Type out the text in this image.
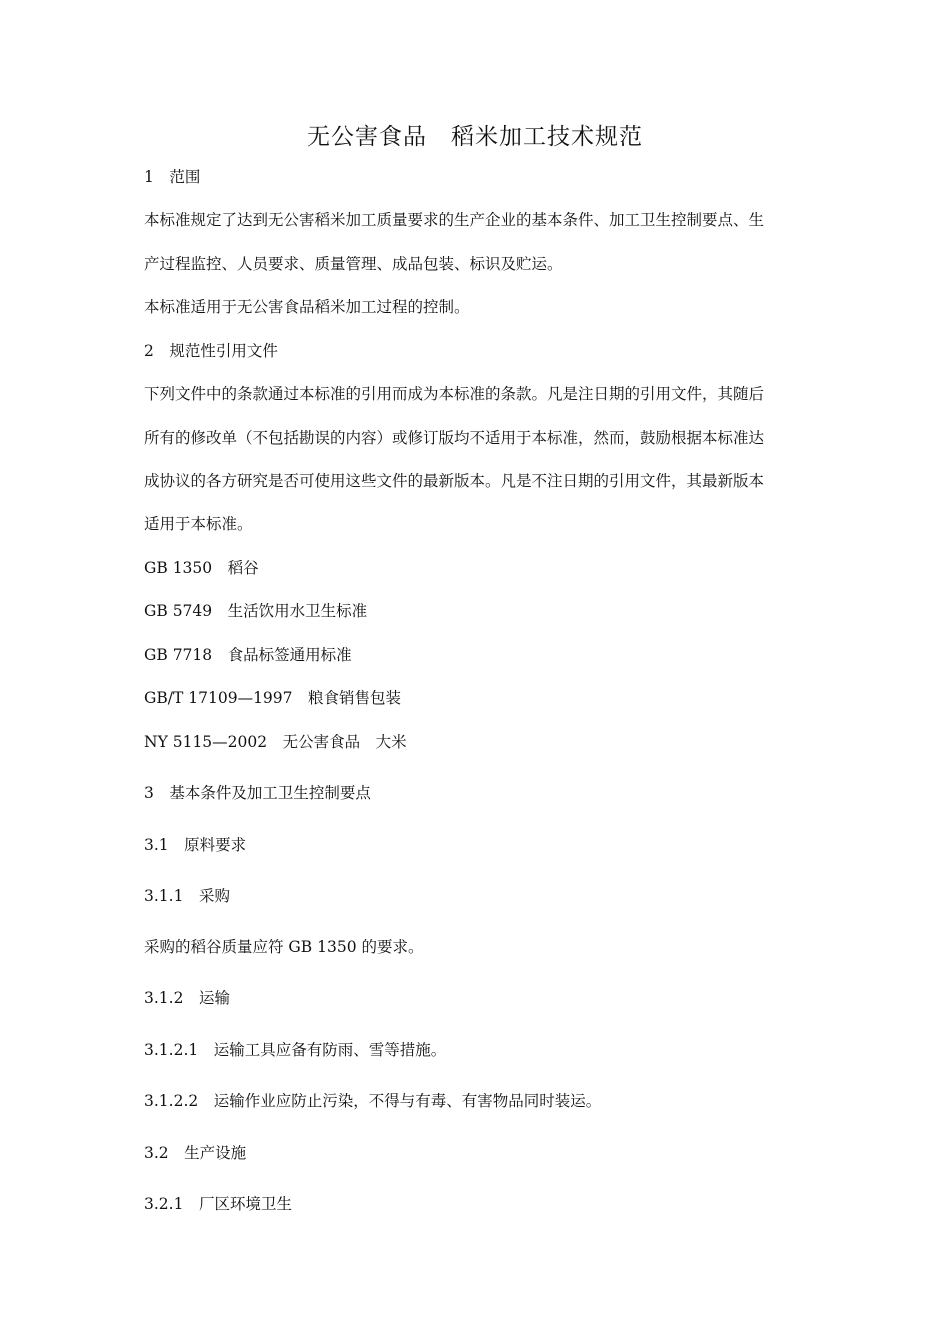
无公害食品　稻米加工技术规范
1　范围
本标准规定了达到无公害稻米加工质量要求的生产企业的基本条件、加工卫生控制要点、生
产过程监控、人员要求、质量管理、成品包装、标识及贮运。
本标准适用于无公害食品稻米加工过程的控制。
2　规范性引用文件
下列文件中的条款通过本标准的引用而成为本标准的条款。凡是注日期的引用文件，其随后
所有的修改单（不包括勘误的内容）或修订版均不适用于本标准，然而，鼓励根据本标准达
成协议的各方研究是否可使用这些文件的最新版本。凡是不注日期的引用文件，其最新版本
适用于本标准。
GB 1350　稻谷
GB 5749　生活饮用水卫生标准
GB 7718　食品标签通用标准
GB/T 17109—1997　粮食销售包装
NY 5115—2002　无公害食品　大米
3　基本条件及加工卫生控制要点
3.1　原料要求
3.1.1　采购
采购的稻谷质量应符 GB 1350 的要求。
3.1.2　运输
3.1.2.1　运输工具应备有防雨、雪等措施。
3.1.2.2　运输作业应防止污染，不得与有毒、有害物品同时装运。
3.2　生产设施
3.2.1　厂区环境卫生
